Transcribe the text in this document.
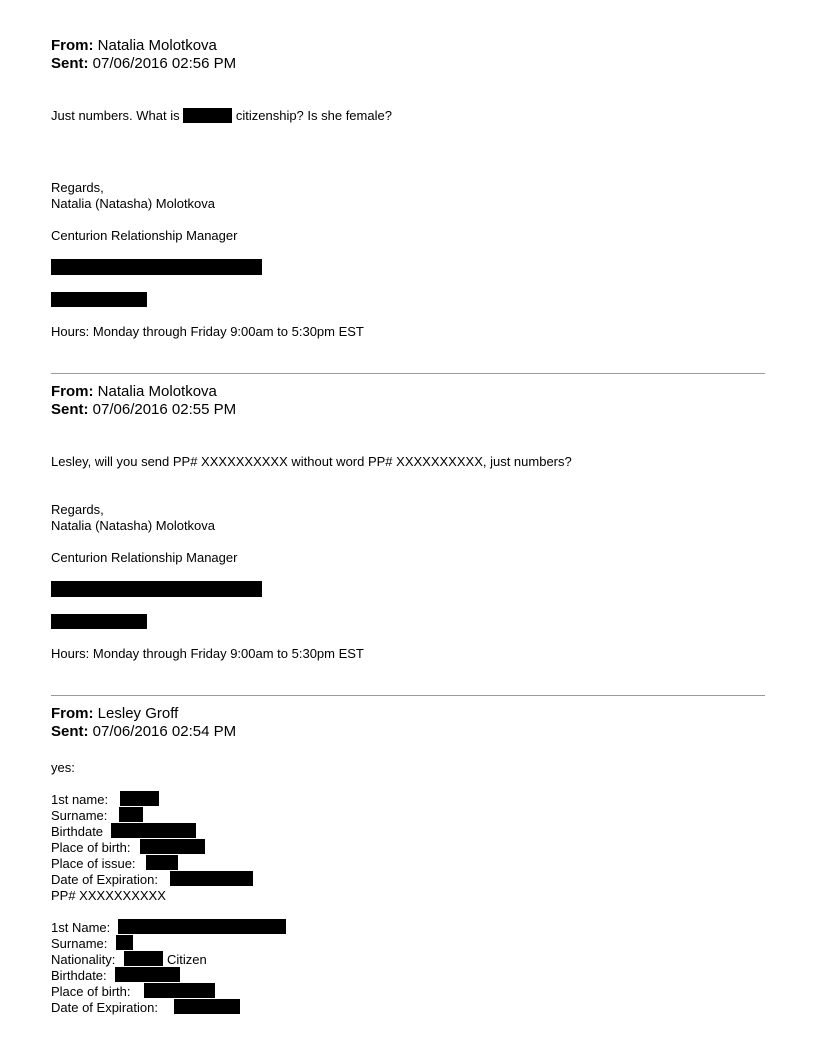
From: Natalia Molotkova
Sent: 07/06/2016 02:56 PM
Just numbers. What is	citizenship? Is she female?
Regards,
Natalia (Natasha) Molotkova
Centurion Relationship Manager
Hours: Monday through Friday 9:00am to 5:30pm EST
From: Natalia Molotkova
Sent: 07/06/2016 02:55 PM
Lesley, will you send PP# XXXXXXXXXX without word PP# XXXXXXXXXX, just numbers?
Regards,
Natalia (Natasha) Molotkova
Centurion Relationship Manager
Hours: Monday through Friday 9:00am to 5:30pm EST
From: Lesley Groff
Sent: 07/06/2016 02:54 PM
yes:
1st name:
Surname:
Birthdate
Place of birth:
Place of issue:
Date of Expiration:
PP# XXXXXXXXXX
1st Name:
Surname:
Nationality:	Citizen
Birthdate:
Place of birth:
Date of Expiration:
